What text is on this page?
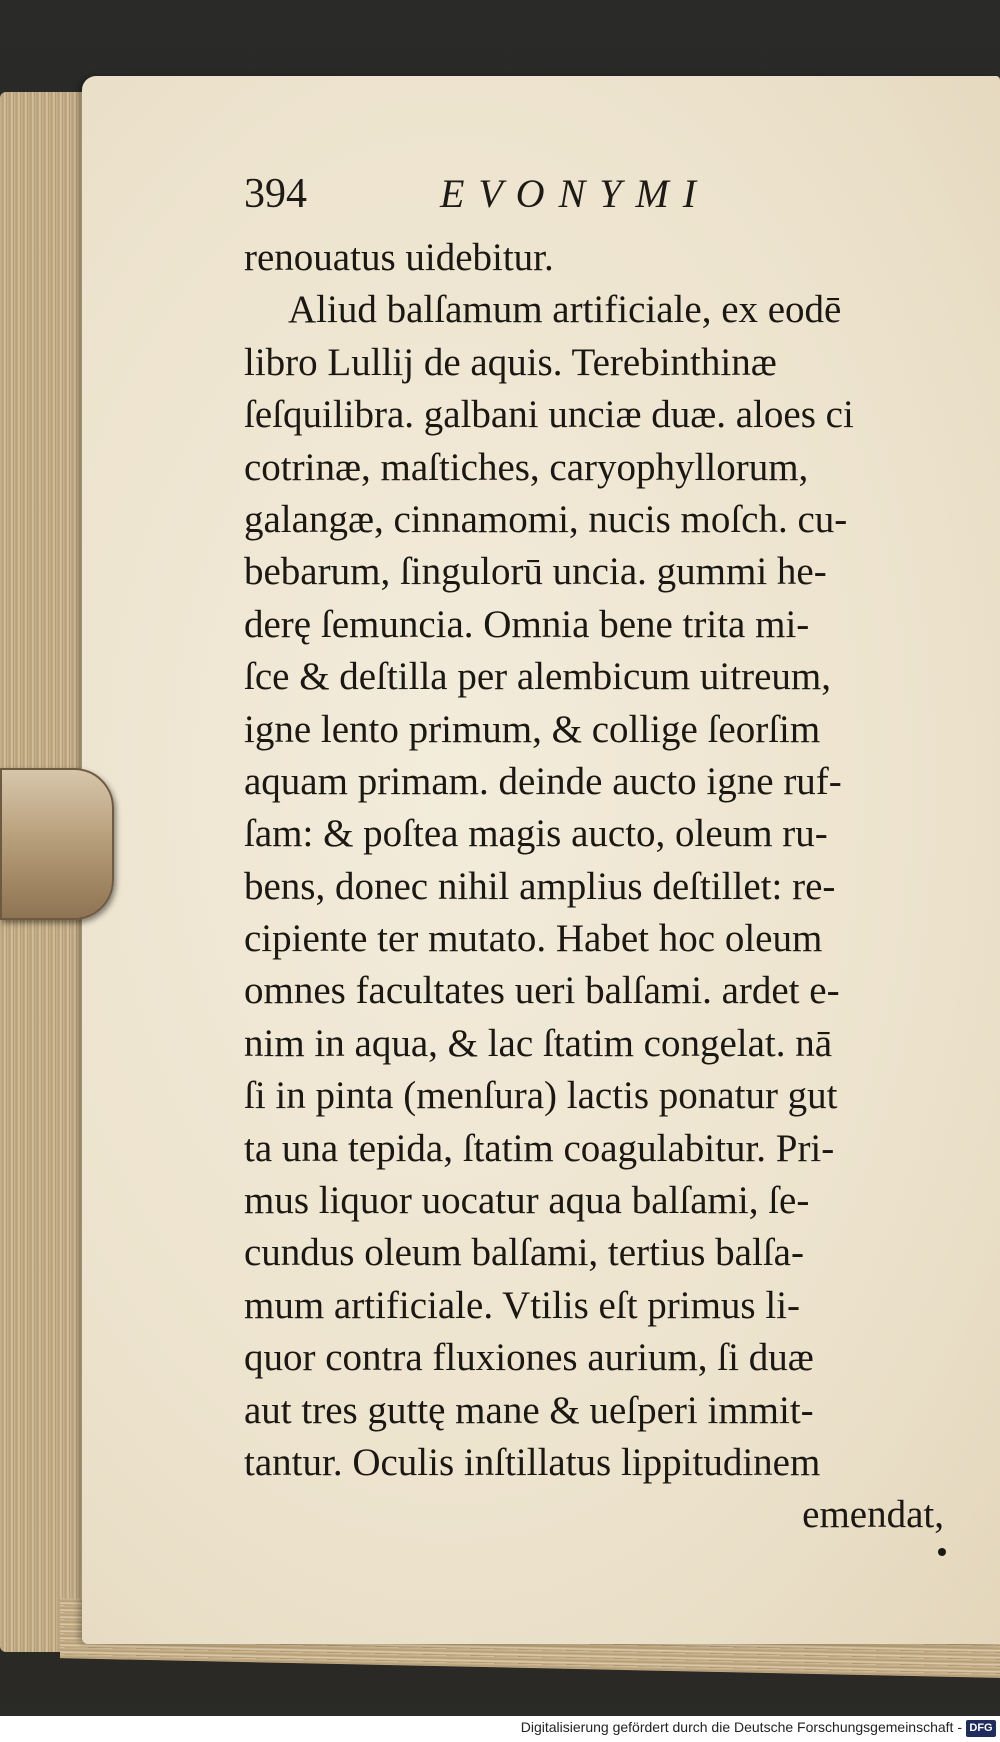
394	EVONYMI
renouatus uidebitur.
Aliud balſamum artificiale, ex eodē
libro Lullij de aquis. Terebinthinæ
ſeſquilibra. galbani unciæ duæ. aloes ci
cotrinæ, maſtiches, caryophyllorum,
galangæ, cinnamomi, nucis moſch. cu-
bebarum, ſingulorū uncia. gummi he-
derę ſemuncia. Omnia bene trita mi-
ſce & deſtilla per alembicum uitreum,
igne lento primum, & collige ſeorſim
aquam primam. deinde aucto igne ruf-
ſam: & poſtea magis aucto, oleum ru-
bens, donec nihil amplius deſtillet: re-
cipiente ter mutato. Habet hoc oleum
omnes facultates ueri balſami. ardet e-
nim in aqua, & lac ſtatim congelat. nā
ſi in pinta (menſura) lactis ponatur gut
ta una tepida, ſtatim coagulabitur. Pri-
mus liquor uocatur aqua balſami, ſe-
cundus oleum balſami, tertius balſa-
mum artificiale. Vtilis eſt primus li-
quor contra fluxiones aurium, ſi duæ
aut tres guttę mane & ueſperi immit-
tantur. Oculis inſtillatus lippitudinem
emendat,
Digitalisierung gefördert durch die Deutsche Forschungsgemeinschaft - DFG
